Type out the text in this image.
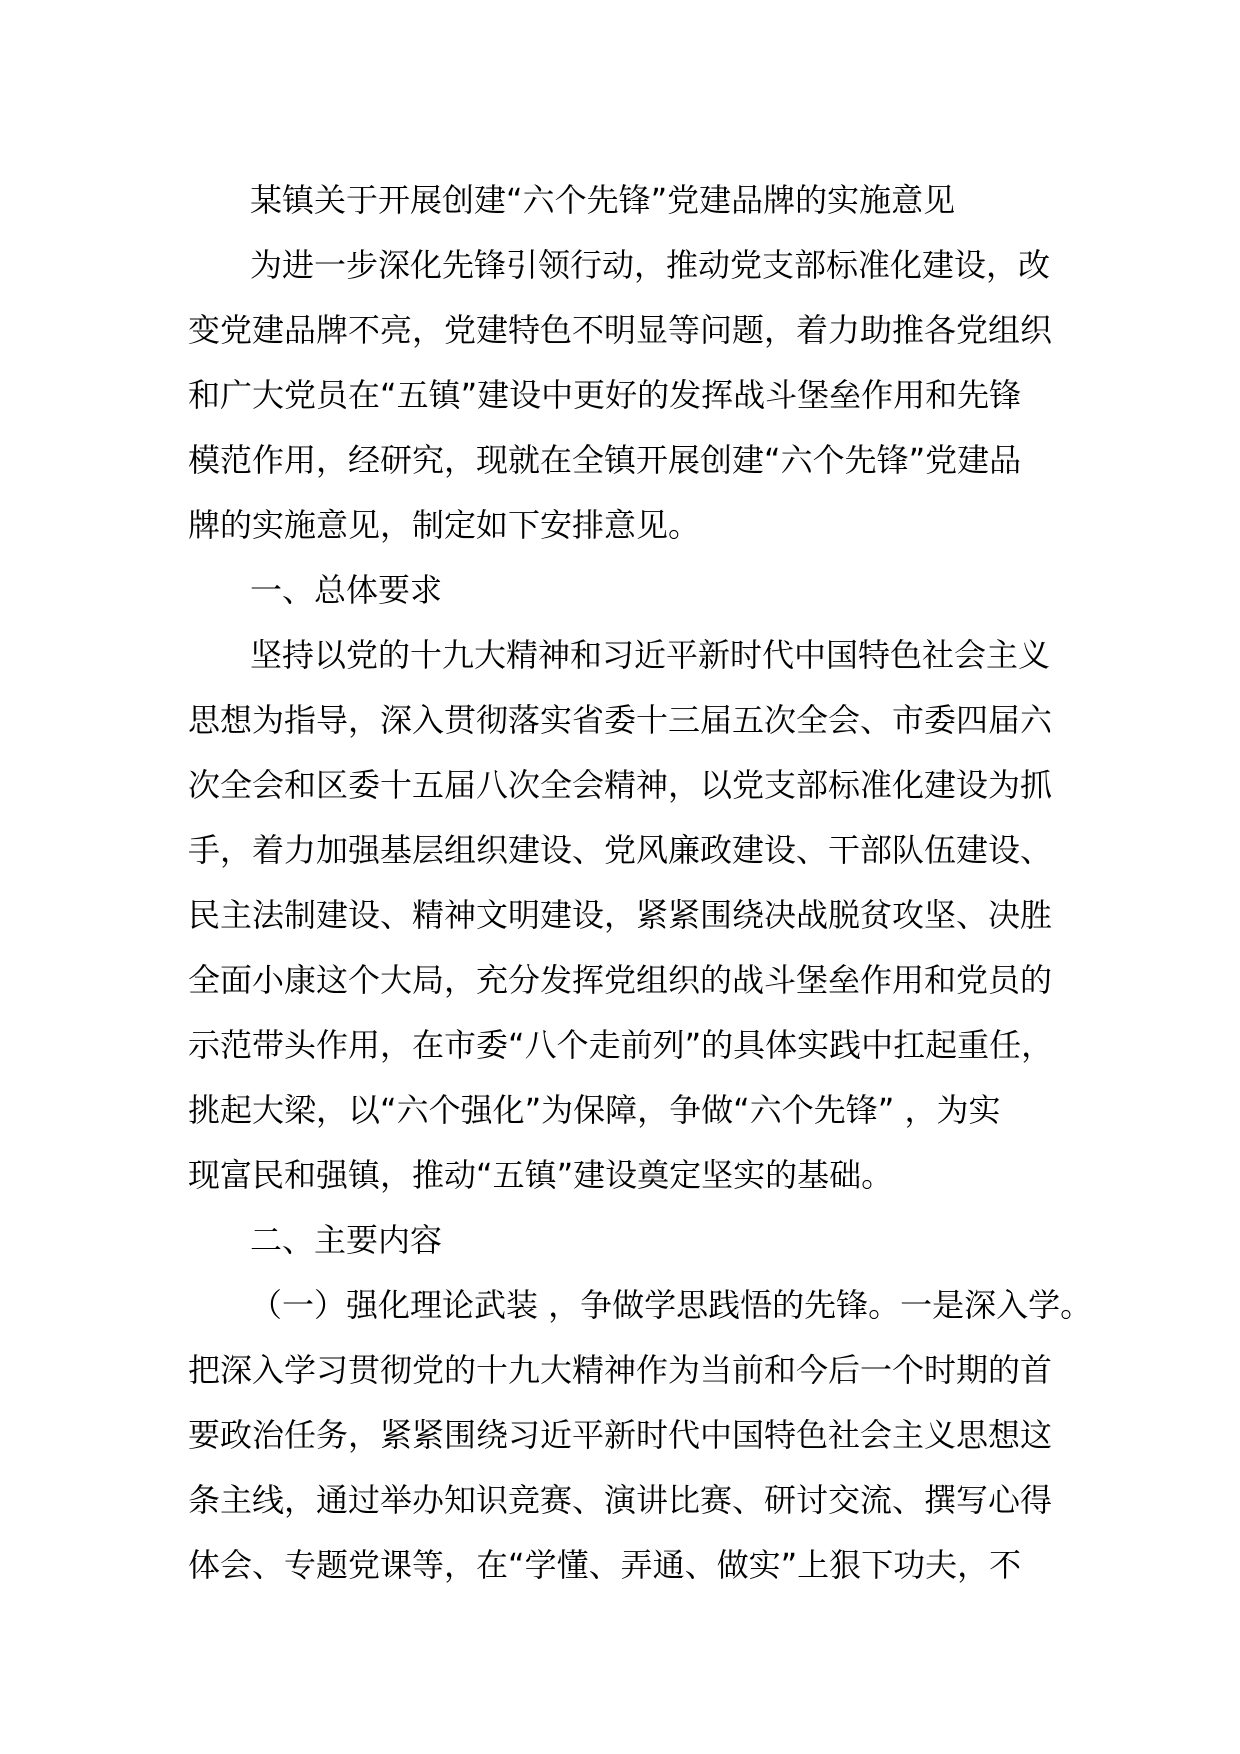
某镇关于开展创建“六个先锋”党建品牌的实施意见
为进一步深化先锋引领行动，推动党支部标准化建设，改
变党建品牌不亮，党建特色不明显等问题，着力助推各党组织
和广大党员在“五镇”建设中更好的发挥战斗堡垒作用和先锋
模范作用，经研究，现就在全镇开展创建“六个先锋”党建品
牌的实施意见，制定如下安排意见。
一、总体要求
坚持以党的十九大精神和习近平新时代中国特色社会主义
思想为指导，深入贯彻落实省委十三届五次全会、市委四届六
次全会和区委十五届八次全会精神，以党支部标准化建设为抓
手，着力加强基层组织建设、党风廉政建设、干部队伍建设、
民主法制建设、精神文明建设，紧紧围绕决战脱贫攻坚、决胜
全面小康这个大局，充分发挥党组织的战斗堡垒作用和党员的
示范带头作用，在市委“八个走前列”的具体实践中扛起重任，
挑起大梁，以“六个强化”为保障，争做“六个先锋” ，为实
现富民和强镇，推动“五镇”建设奠定坚实的基础。
二、主要内容
（一）强化理论武装 ，争做学思践悟的先锋。一是深入学。
把深入学习贯彻党的十九大精神作为当前和今后一个时期的首
要政治任务，紧紧围绕习近平新时代中国特色社会主义思想这
条主线，通过举办知识竞赛、演讲比赛、研讨交流、撰写心得
体会、专题党课等，在“学懂、弄通、做实”上狠下功夫，不
